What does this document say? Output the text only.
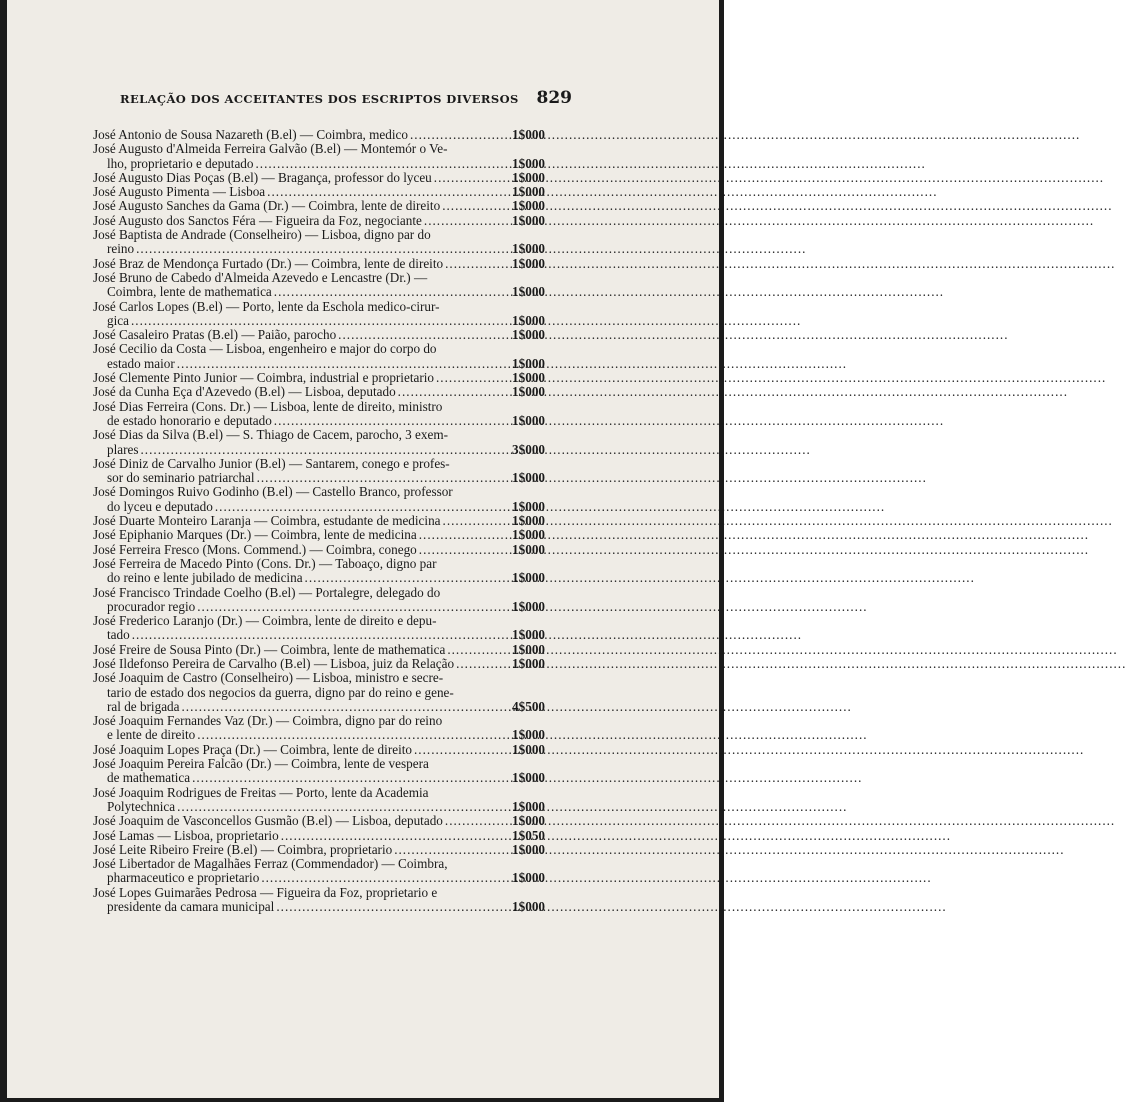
RELAÇÃO DOS ACCEITANTES DOS ESCRIPTOS DIVERSOS 829
José Antonio de Sousa Nazareth (B.el) — Coimbra, medico .....	1$000
José Augusto d'Almeida Ferreira Galvão (B.el) — Montemór o Ve-
lho, proprietario e deputado .....	1$000
José Augusto Dias Poças (B.el) — Bragança, professor do lyceu .....	1$000
José Augusto Pimenta — Lisboa .....	1$000
José Augusto Sanches da Gama (Dr.) — Coimbra, lente de direito .....	1$000
José Augusto dos Sanctos Féra — Figueira da Foz, negociante .....	1$000
José Baptista de Andrade (Conselheiro) — Lisboa, digno par do
reino .....	1$000
José Braz de Mendonça Furtado (Dr.) — Coimbra, lente de direito .....	1$000
José Bruno de Cabedo d'Almeida Azevedo e Lencastre (Dr.) —
Coimbra, lente de mathematica .....	1$000
José Carlos Lopes (B.el) — Porto, lente da Eschola medico-cirur-
gica .....	1$000
José Casaleiro Pratas (B.el) — Paião, parocho .....	1$000
José Cecilio da Costa — Lisboa, engenheiro e major do corpo do
estado maior .....	1$000
José Clemente Pinto Junior — Coimbra, industrial e proprietario .....	1$000
José da Cunha Eça d'Azevedo (B.el) — Lisboa, deputado .....	1$000
José Dias Ferreira (Cons. Dr.) — Lisboa, lente de direito, ministro
de estado honorario e deputado .....	1$000
José Dias da Silva (B.el) — S. Thiago de Cacem, parocho, 3 exem-
plares .....	3$000
José Diniz de Carvalho Junior (B.el) — Santarem, conego e profes-
sor do seminario patriarchal .....	1$000
José Domingos Ruivo Godinho (B.el) — Castello Branco, professor
do lyceu e deputado .....	1$000
José Duarte Monteiro Laranja — Coimbra, estudante de medicina .....	1$000
José Epiphanio Marques (Dr.) — Coimbra, lente de medicina .....	1$000
José Ferreira Fresco (Mons. Commend.) — Coimbra, conego .....	1$000
José Ferreira de Macedo Pinto (Cons. Dr.) — Taboaço, digno par
do reino e lente jubilado de medicina .....	1$000
José Francisco Trindade Coelho (B.el) — Portalegre, delegado do
procurador regio .....	1$000
José Frederico Laranjo (Dr.) — Coimbra, lente de direito e depu-
tado .....	1$000
José Freire de Sousa Pinto (Dr.) — Coimbra, lente de mathematica .....	1$000
José Ildefonso Pereira de Carvalho (B.el) — Lisboa, juiz da Relação .....	1$000
José Joaquim de Castro (Conselheiro) — Lisboa, ministro e secre-
tario de estado dos negocios da guerra, digno par do reino e gene-
ral de brigada .....	4$500
José Joaquim Fernandes Vaz (Dr.) — Coimbra, digno par do reino
e lente de direito .....	1$000
José Joaquim Lopes Praça (Dr.) — Coimbra, lente de direito .....	1$000
José Joaquim Pereira Falcão (Dr.) — Coimbra, lente de vespera
de mathematica .....	1$000
José Joaquim Rodrigues de Freitas — Porto, lente da Academia
Polytechnica .....	1$000
José Joaquim de Vasconcellos Gusmão (B.el) — Lisboa, deputado .....	1$000
José Lamas — Lisboa, proprietario .....	1$050
José Leite Ribeiro Freire (B.el) — Coimbra, proprietario .....	1$000
José Libertador de Magalhães Ferraz (Commendador) — Coimbra,
pharmaceutico e proprietario .....	1$000
José Lopes Guimarães Pedrosa — Figueira da Foz, proprietario e
presidente da camara municipal .....	1$000
